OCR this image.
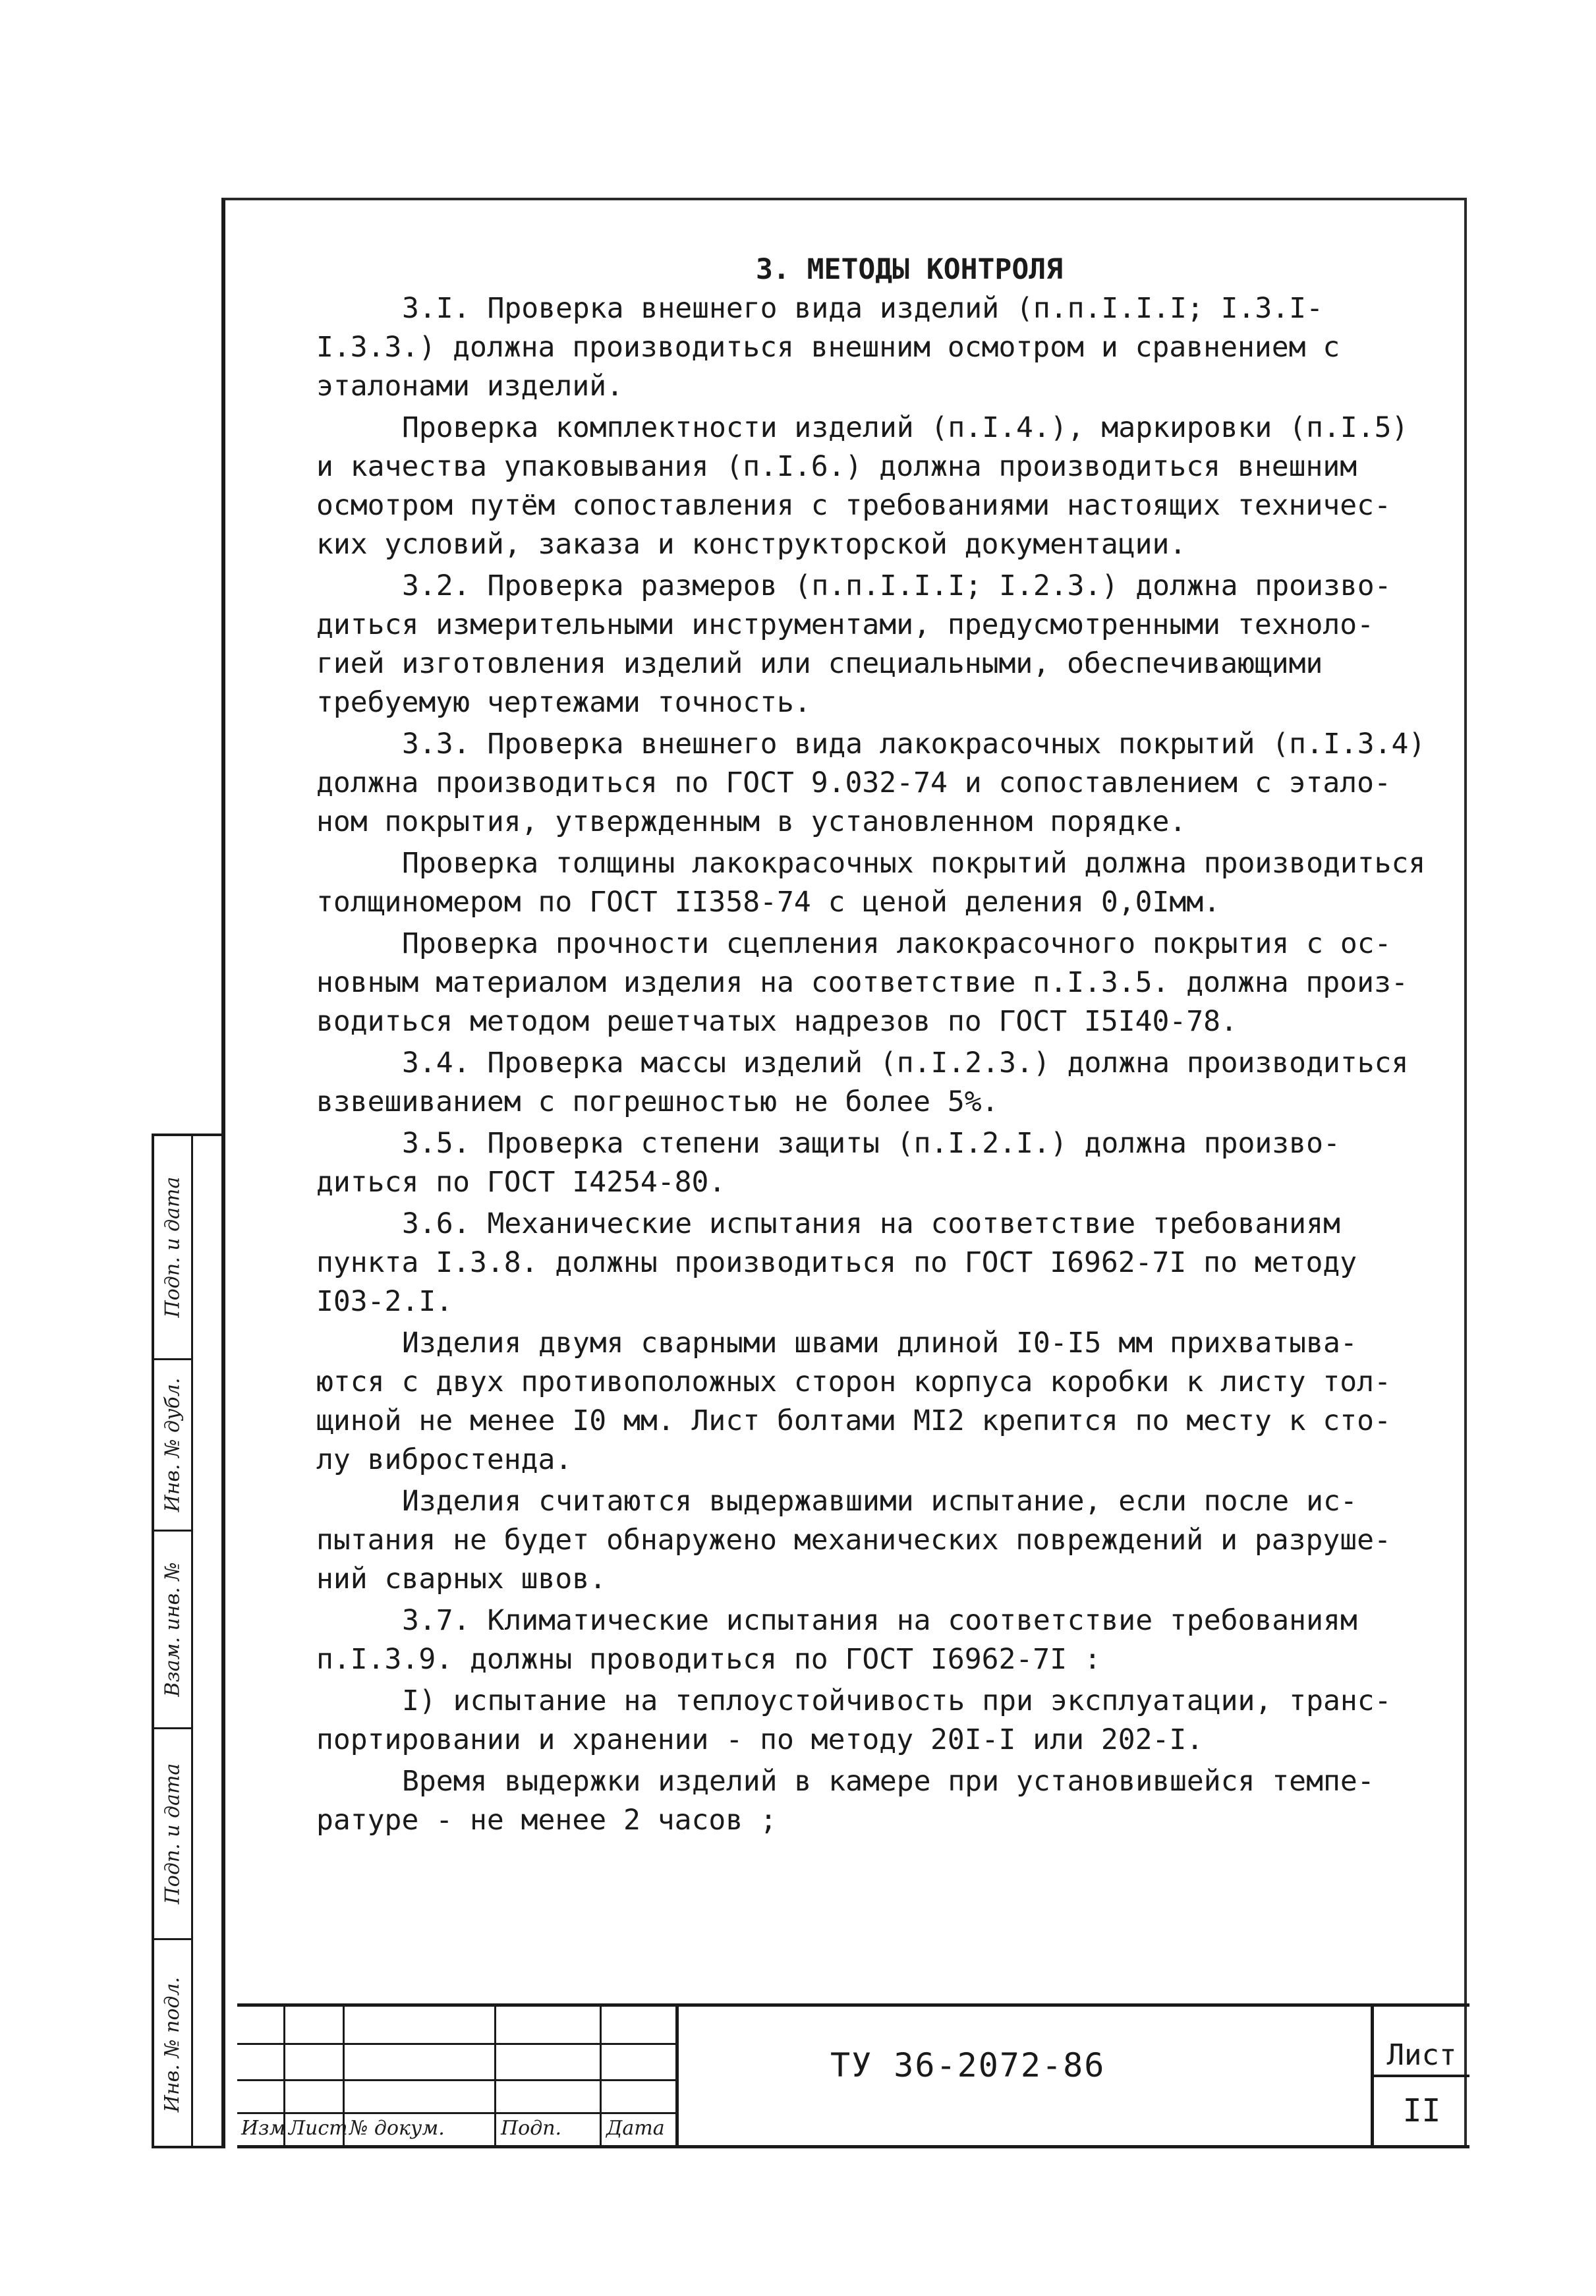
3. МЕТОДЫ КОНТРОЛЯ

3.I. Проверка внешнего вида изделий (п.п.I.I.I; I.3.I-
I.3.3.) должна производиться внешним осмотром и сравнением с
эталонами изделий.

Проверка комплектности изделий (п.I.4.), маркировки (п.I.5)
и качества упаковывания (п.I.6.) должна производиться внешним
осмотром путём сопоставления с требованиями настоящих техничес-
ких условий, заказа и конструкторской документации.

3.2. Проверка размеров (п.п.I.I.I; I.2.3.) должна произво-
диться измерительными инструментами, предусмотренными техноло-
гией изготовления изделий или специальными, обеспечивающими
требуемую чертежами точность.

3.3. Проверка внешнего вида лакокрасочных покрытий (п.I.3.4)
должна производиться по ГОСТ 9.032-74 и сопоставлением с этало-
ном покрытия, утвержденным в установленном порядке.

Проверка толщины лакокрасочных покрытий должна производиться
толщиномером по ГОСТ II358-74 с ценой деления 0,0Iмм.

Проверка прочности сцепления лакокрасочного покрытия с ос-
новным материалом изделия на соответствие п.I.3.5. должна произ-
водиться методом решетчатых надрезов по ГОСТ I5I40-78.

3.4. Проверка массы изделий (п.I.2.3.) должна производиться
взвешиванием с погрешностью не более 5%.

3.5. Проверка степени защиты (п.I.2.I.) должна произво-
диться по ГОСТ I4254-80.

3.6. Механические испытания на соответствие требованиям
пункта I.3.8. должны производиться по ГОСТ I6962-7I по методу
I03-2.I.

Изделия двумя сварными швами длиной I0-I5 мм прихватыва-
ются с двух противоположных сторон корпуса коробки к листу тол-
щиной не менее I0 мм. Лист болтами МI2 крепится по месту к сто-
лу вибростенда.

Изделия считаются выдержавшими испытание, если после ис-
пытания не будет обнаружено механических повреждений и разруше-
ний сварных швов.

3.7. Климатические испытания на соответствие требованиям
п.I.3.9. должны проводиться по ГОСТ I6962-7I :

I) испытание на теплоустойчивость при эксплуатации, транс-
портировании и хранении - по методу 20I-I или 202-I.

Время выдержки изделий в камере при установившейся темпе-
ратуре - не менее 2 часов ;

Подп. и дата
Инв. № дубл.
Взам. инв. №
Подп. и дата
Инв. № подл.
Изм Лист № докум.	Подп. Дата
ТУ 36-2072-86	Лист
II
